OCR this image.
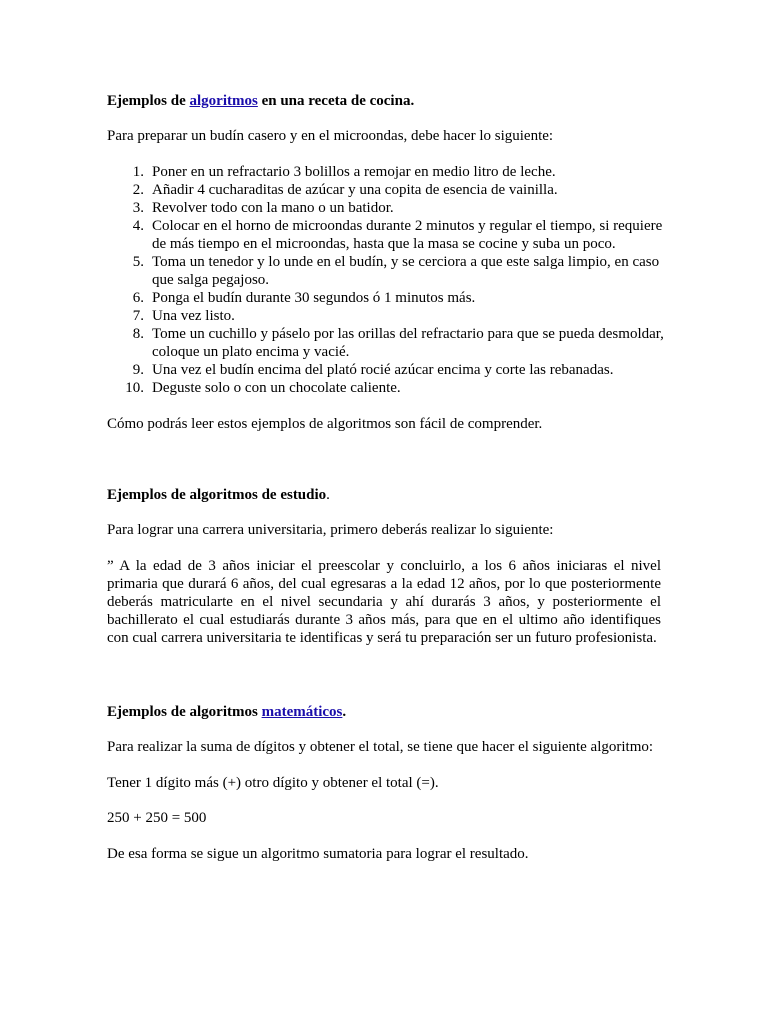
Ejemplos de algoritmos en una receta de cocina.

Para preparar un budín casero y en el microondas, debe hacer lo siguiente:

1. Poner en un refractario 3 bolillos a remojar en medio litro de leche.
2. Añadir 4 cucharaditas de azúcar y una copita de esencia de vainilla.
3. Revolver todo con la mano o un batidor.
4. Colocar en el horno de microondas durante 2 minutos y regular el tiempo, si requiere de más tiempo en el microondas, hasta que la masa se cocine y suba un poco.
5. Toma un tenedor y lo unde en el budín, y se cerciora a que este salga limpio, en caso que salga pegajoso.
6. Ponga el budín durante 30 segundos ó 1 minutos más.
7. Una vez listo.
8. Tome un cuchillo y páselo por las orillas del refractario para que se pueda desmoldar, coloque un plato encima y vacié.
9. Una vez el budín encima del plató rocié azúcar encima y corte las rebanadas.
10. Deguste solo o con un chocolate caliente.

Cómo podrás leer estos ejemplos de algoritmos son fácil de comprender.

Ejemplos de algoritmos de estudio.

Para lograr una carrera universitaria, primero deberás realizar lo siguiente:

” A la edad de 3 años iniciar el preescolar y concluirlo, a los 6 años iniciaras el nivel primaria que durará 6 años, del cual egresaras a la edad 12 años, por lo que posteriormente deberás matricularte en el nivel secundaria y ahí durarás 3 años, y posteriormente el bachillerato el cual estudiarás durante 3 años más, para que en el ultimo año identifiques con cual carrera universitaria te identificas y será tu preparación ser un futuro profesionista.

Ejemplos de algoritmos matemáticos.

Para realizar la suma de dígitos y obtener el total, se tiene que hacer el siguiente algoritmo:

Tener 1 dígito más (+) otro dígito y obtener el total (=).

250 + 250 = 500

De esa forma se sigue un algoritmo sumatoria para lograr el resultado.
